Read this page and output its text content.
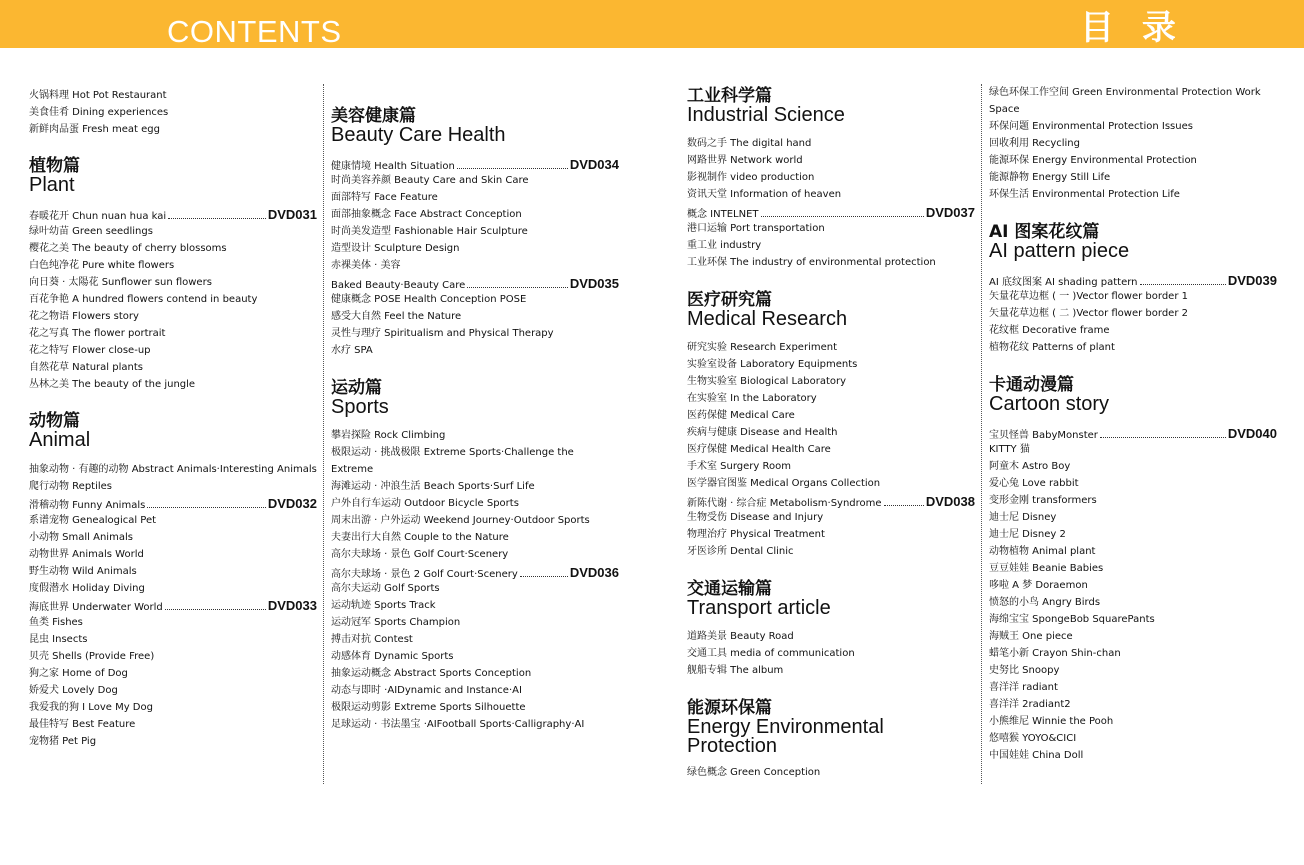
CONTENTS	目 录
火锅料理 Hot Pot Restaurant
美食佳肴 Dining experiences
新鲜肉品蛋 Fresh meat egg
植物篇
Plant
春暖花开 Chun nuan hua kai	DVD031
绿叶幼苗 Green seedlings
樱花之美 The beauty of cherry blossoms
白色纯净花 Pure white flowers
向日葵 · 太陽花 Sunflower sun flowers
百花争艳 A hundred flowers contend in beauty
花之物语 Flowers story
花之写真 The flower portrait
花之特写 Flower close-up
自然花草 Natural plants
丛林之美 The beauty of the jungle
动物篇
Animal
抽象动物 · 有趣的动物 Abstract Animals·Interesting Animals
爬行动物 Reptiles
滑稽动物 Funny Animals	DVD032
系谱宠物 Genealogical Pet
小动物 Small Animals
动物世界 Animals World
野生动物 Wild Animals
度假潜水 Holiday Diving
海底世界 Underwater World	DVD033
鱼类 Fishes
昆虫 Insects
贝壳 Shells (Provide Free)
狗之家 Home of Dog
娇爱犬 Lovely Dog
我爱我的狗 I Love My Dog
最佳特写 Best Feature
宠物猪 Pet Pig
美容健康篇
Beauty Care Health
健康情境 Health Situation	DVD034
时尚美容养颜 Beauty Care and Skin Care
面部特写 Face Feature
面部抽象概念 Face Abstract Conception
时尚美发造型 Fashionable Hair Sculpture
造型设计 Sculpture Design
赤裸美体 · 美容
Baked Beauty·Beauty Care	DVD035
健康概念 POSE Health Conception POSE
感受大自然 Feel the Nature
灵性与理疗 Spiritualism and Physical Therapy
水疗 SPA
运动篇
Sports
攀岩探险 Rock Climbing
极限运动 · 挑战极限 Extreme Sports·Challenge the Extreme
海滩运动 · 冲浪生活 Beach Sports·Surf Life
户外自行车运动 Outdoor Bicycle Sports
周末出游 · 户外运动 Weekend Journey·Outdoor Sports
夫妻出行大自然 Couple to the Nature
高尔夫球场 · 景色 Golf Court·Scenery
高尔夫球场 · 景色 2 Golf Court·Scenery	DVD036
高尔夫运动 Golf Sports
运动轨迹 Sports Track
运动冠军 Sports Champion
搏击对抗 Contest
动感体育 Dynamic Sports
抽象运动概念 Abstract Sports Conception
动态与即时 ·AIDynamic and Instance·AI
极限运动剪影 Extreme Sports Silhouette
足球运动 · 书法墨宝 ·AIFootball Sports·Calligraphy·AI
工业科学篇
Industrial Science
数码之手 The digital hand
网路世界 Network world
影视制作 video production
资讯天堂 Information of heaven
概念 INTELNET	DVD037
港口运输 Port transportation
重工业 industry
工业环保 The industry of environmental protection
医疗研究篇
Medical Research
研究实验 Research Experiment
实验室设备 Laboratory Equipments
生物实验室 Biological Laboratory
在实验室 In the Laboratory
医药保健 Medical Care
疾病与健康 Disease and Health
医疗保健 Medical Health Care
手术室 Surgery Room
医学器官图鉴 Medical Organs Collection
新陈代谢 · 综合症 Metabolism·Syndrome	DVD038
生物受伤 Disease and Injury
物理治疗 Physical Treatment
牙医诊所 Dental Clinic
交通运输篇
Transport article
道路美景 Beauty Road
交通工具 media of communication
舰船专辑 The album
能源环保篇
Energy Environmental
Protection
绿色概念 Green Conception
绿色环保工作空间 Green Environmental Protection Work Space
环保问题 Environmental Protection Issues
回收利用 Recycling
能源环保 Energy Environmental Protection
能源静物 Energy Still Life
环保生活 Environmental Protection Life
AI 图案花纹篇
AI pattern piece
AI 底纹图案 AI shading pattern	DVD039
矢量花草边框 ( 一 )Vector flower border 1
矢量花草边框 ( 二 )Vector flower border 2
花纹框 Decorative frame
植物花纹 Patterns of plant
卡通动漫篇
Cartoon story
宝贝怪兽 BabyMonster	DVD040
KITTY 猫
阿童木 Astro Boy
爱心兔 Love rabbit
变形金刚 transformers
迪士尼 Disney
迪士尼 Disney 2
动物植物 Animal plant
豆豆娃娃 Beanie Babies
哆啦 A 梦 Doraemon
愤怒的小鸟 Angry Birds
海绵宝宝 SpongeBob SquarePants
海贼王 One piece
蜡笔小新 Crayon Shin-chan
史努比 Snoopy
喜洋洋 radiant
喜洋洋 2radiant2
小熊维尼 Winnie the Pooh
悠嘻猴 YOYO&CICI
中国娃娃 China Doll
